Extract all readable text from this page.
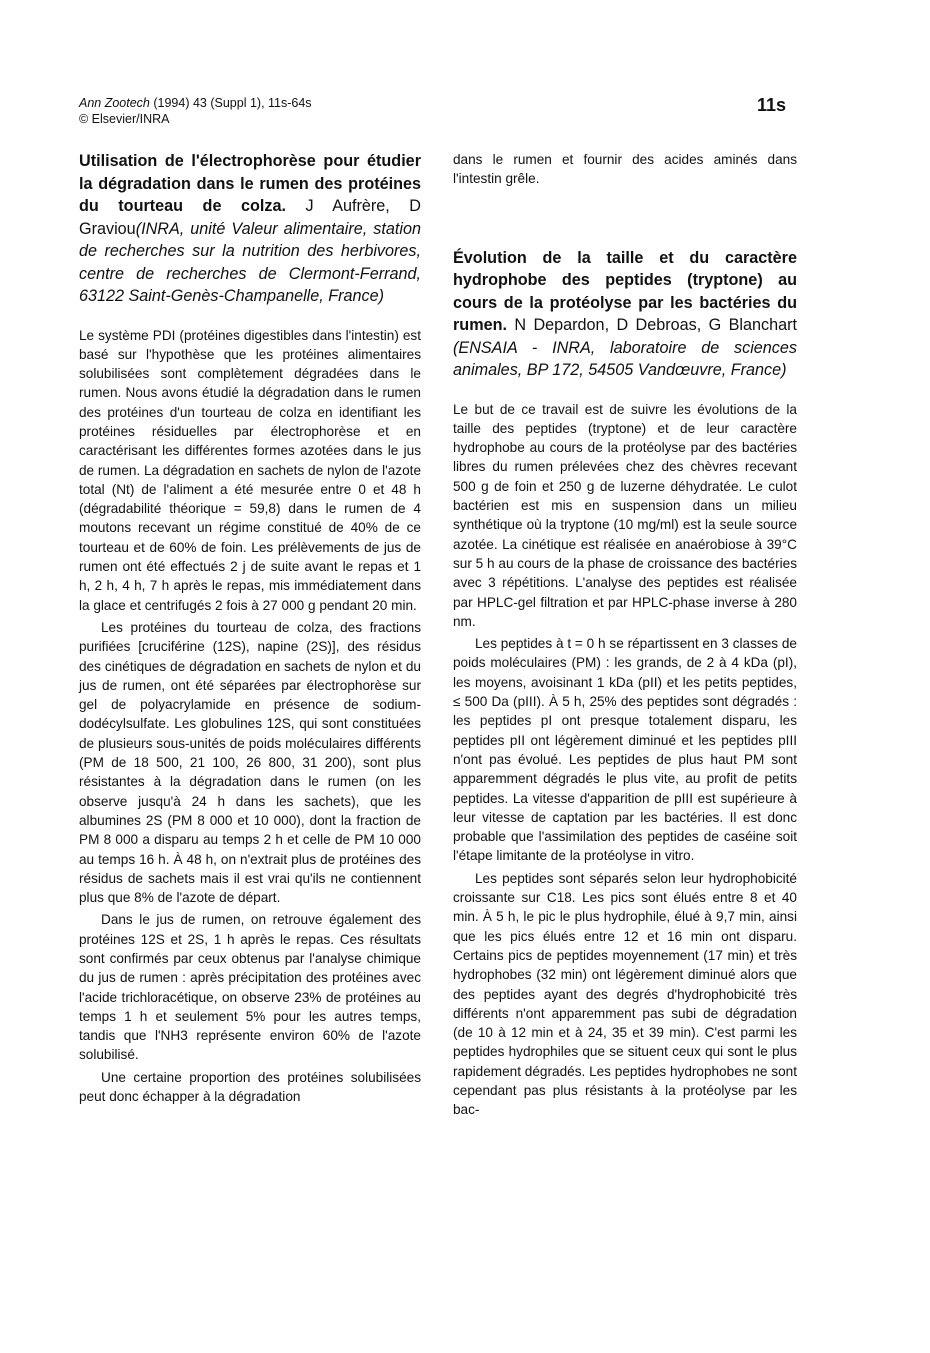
Ann Zootech (1994) 43 (Suppl 1), 11s-64s
© Elsevier/INRA
11s
Utilisation de l'électrophorèse pour étudier la dégradation dans le rumen des protéines du tourteau de colza. J Aufrère, D Graviou(INRA, unité Valeur alimentaire, station de recherches sur la nutrition des herbivores, centre de recherches de Clermont-Ferrand, 63122 Saint-Genès-Champanelle, France)

Le système PDI (protéines digestibles dans l'intestin) est basé sur l'hypothèse que les protéines alimentaires solubilisées sont complètement dégradées dans le rumen. Nous avons étudié la dégradation dans le rumen des protéines d'un tourteau de colza en identifiant les protéines résiduelles par électrophorèse et en caractérisant les différentes formes azotées dans le jus de rumen. La dégradation en sachets de nylon de l'azote total (Nt) de l'aliment a été mesurée entre 0 et 48 h (dégradabilité théorique = 59,8) dans le rumen de 4 moutons recevant un régime constitué de 40% de ce tourteau et de 60% de foin. Les prélèvements de jus de rumen ont été effectués 2 j de suite avant le repas et 1 h, 2 h, 4 h, 7 h après le repas, mis immédiatement dans la glace et centrifugés 2 fois à 27 000 g pendant 20 min.

Les protéines du tourteau de colza, des fractions purifiées [cruciférine (12S), napine (2S)], des résidus des cinétiques de dégradation en sachets de nylon et du jus de rumen, ont été séparées par électrophorèse sur gel de polyacrylamide en présence de sodium-dodécylsulfate. Les globulines 12S, qui sont constituées de plusieurs sous-unités de poids moléculaires différents (PM de 18 500, 21 100, 26 800, 31 200), sont plus résistantes à la dégradation dans le rumen (on les observe jusqu'à 24 h dans les sachets), que les albumines 2S (PM 8 000 et 10 000), dont la fraction de PM 8 000 a disparu au temps 2 h et celle de PM 10 000 au temps 16 h. À 48 h, on n'extrait plus de protéines des résidus de sachets mais il est vrai qu'ils ne contiennent plus que 8% de l'azote de départ.

Dans le jus de rumen, on retrouve également des protéines 12S et 2S, 1 h après le repas. Ces résultats sont confirmés par ceux obtenus par l'analyse chimique du jus de rumen : après précipitation des protéines avec l'acide trichloracétique, on observe 23% de protéines au temps 1 h et seulement 5% pour les autres temps, tandis que l'NH3 représente environ 60% de l'azote solubilisé.

Une certaine proportion des protéines solubilisées peut donc échapper à la dégradation

dans le rumen et fournir des acides aminés dans l'intestin grêle.

Évolution de la taille et du caractère hydrophobe des peptides (tryptone) au cours de la protéolyse par les bactéries du rumen. N Depardon, D Debroas, G Blanchart (ENSAIA - INRA, laboratoire de sciences animales, BP 172, 54505 Vandœuvre, France)

Le but de ce travail est de suivre les évolutions de la taille des peptides (tryptone) et de leur caractère hydrophobe au cours de la protéolyse par des bactéries libres du rumen prélevées chez des chèvres recevant 500 g de foin et 250 g de luzerne déhydratée. Le culot bactérien est mis en suspension dans un milieu synthétique où la tryptone (10 mg/ml) est la seule source azotée. La cinétique est réalisée en anaérobiose à 39°C sur 5 h au cours de la phase de croissance des bactéries avec 3 répétitions. L'analyse des peptides est réalisée par HPLC-gel filtration et par HPLC-phase inverse à 280 nm.

Les peptides à t = 0 h se répartissent en 3 classes de poids moléculaires (PM) : les grands, de 2 à 4 kDa (pI), les moyens, avoisinant 1 kDa (pII) et les petits peptides, ≤ 500 Da (pIII). À 5 h, 25% des peptides sont dégradés : les peptides pI ont presque totalement disparu, les peptides pII ont légèrement diminué et les peptides pIII n'ont pas évolué. Les peptides de plus haut PM sont apparemment dégradés le plus vite, au profit de petits peptides. La vitesse d'apparition de pIII est supérieure à leur vitesse de captation par les bactéries. Il est donc probable que l'assimilation des peptides de caséine soit l'étape limitante de la protéolyse in vitro.

Les peptides sont séparés selon leur hydrophobicité croissante sur C18. Les pics sont élués entre 8 et 40 min. À 5 h, le pic le plus hydrophile, élué à 9,7 min, ainsi que les pics élués entre 12 et 16 min ont disparu. Certains pics de peptides moyennement (17 min) et très hydrophobes (32 min) ont légèrement diminué alors que des peptides ayant des degrés d'hydrophobicité très différents n'ont apparemment pas subi de dégradation (de 10 à 12 min et à 24, 35 et 39 min). C'est parmi les peptides hydrophiles que se situent ceux qui sont le plus rapidement dégradés. Les peptides hydrophobes ne sont cependant pas plus résistants à la protéolyse par les bac-
